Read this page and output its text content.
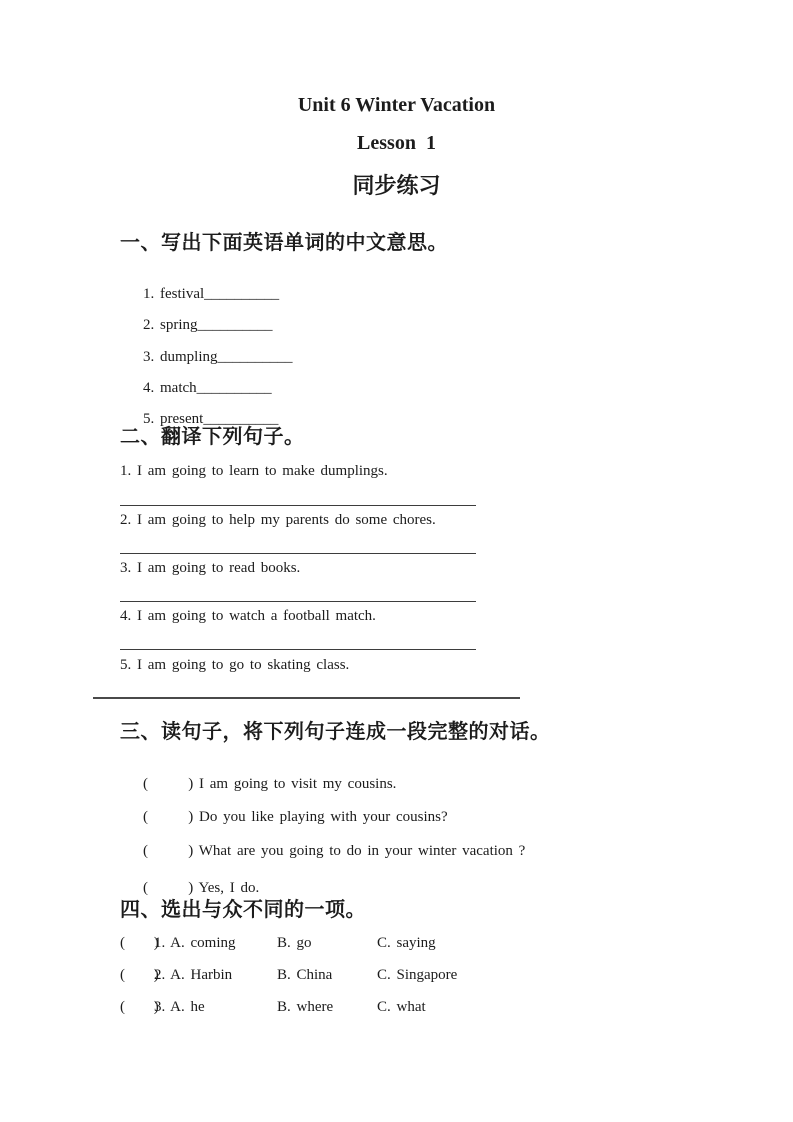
Unit 6 Winter Vacation
Lesson 1
同步练习
一、写出下面英语单词的中文意思。

1. festival__________

2. spring__________

3. dumpling__________

4. match__________

5. present__________

二、翻译下列句子。
1. I am going to learn to make dumplings.
2. I am going to help my parents do some chores.
3. I am going to read books.
4. I am going to watch a football match.
5. I am going to go to skating class.
三、读句子，将下列句子连成一段完整的对话。

(       ) I am going to visit my cousins.

(       ) Do you like playing with your cousins?

(       ) What are you going to do in your winter vacation ?

(       ) Yes, I do.

四、选出与众不同的一项。
(     )
1. A. coming	B. go	C. saying
(     )
2. A. Harbin	B. China	C. Singapore
(     )
3. A. he	B. where	C. what
